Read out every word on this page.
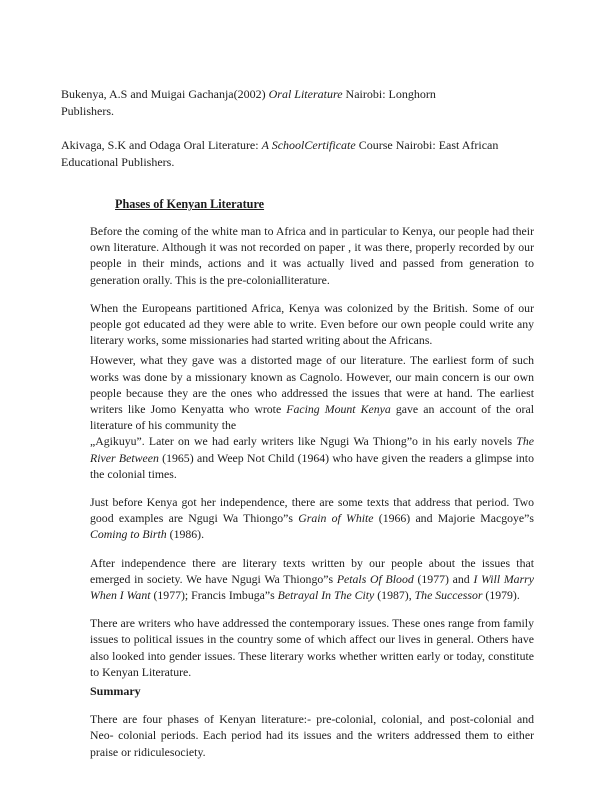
Bukenya, A.S and Muigai Gachanja(2002) Oral Literature Nairobi: Longhorn
Publishers.

Akivaga, S.K and Odaga Oral Literature: A SchoolCertificate Course Nairobi: East African Educational Publishers.

Phases of Kenyan Literature

Before the coming of the white man to Africa and in particular to Kenya, our people had their own literature. Although it was not recorded on paper , it was there, properly recorded by our people in their minds, actions and it was actually lived and passed from generation to generation orally. This is the pre-colonialliterature.

When the Europeans partitioned Africa, Kenya was colonized by the British. Some of our people got educated ad they were able to write. Even before our own people could write any literary works, some missionaries had started writing about the Africans.

However, what they gave was a distorted mage of our literature. The earliest form of such works was done by a missionary known as Cagnolo. However, our main concern is our own people because they are the ones who addressed the issues that were at hand. The earliest writers like Jomo Kenyatta who wrote Facing Mount Kenya gave an account of the oral literature of his community the
„Agikuyu”. Later on we had early writers like Ngugi Wa Thiong”o in his early novels The River Between (1965) and Weep Not Child (1964) who have given the readers a glimpse into the colonial times.

Just before Kenya got her independence, there are some texts that address that period. Two good examples are Ngugi Wa Thiongo”s Grain of White (1966) and Majorie Macgoye”s Coming to Birth (1986).

After independence there are literary texts written by our people about the issues that emerged in society. We have Ngugi Wa Thiongo”s Petals Of Blood (1977) and I Will Marry When I Want (1977); Francis Imbuga”s Betrayal In The City (1987), The Successor (1979).

There are writers who have addressed the contemporary issues. These ones range from family issues to political issues in the country some of which affect our lives in general. Others have also looked into gender issues. These literary works whether written early or today, constitute to Kenyan Literature.

Summary

There are four phases of Kenyan literature:- pre-colonial, colonial, and post-colonial and Neo- colonial periods. Each period had its issues and the writers addressed them to either praise or ridiculesociety.
